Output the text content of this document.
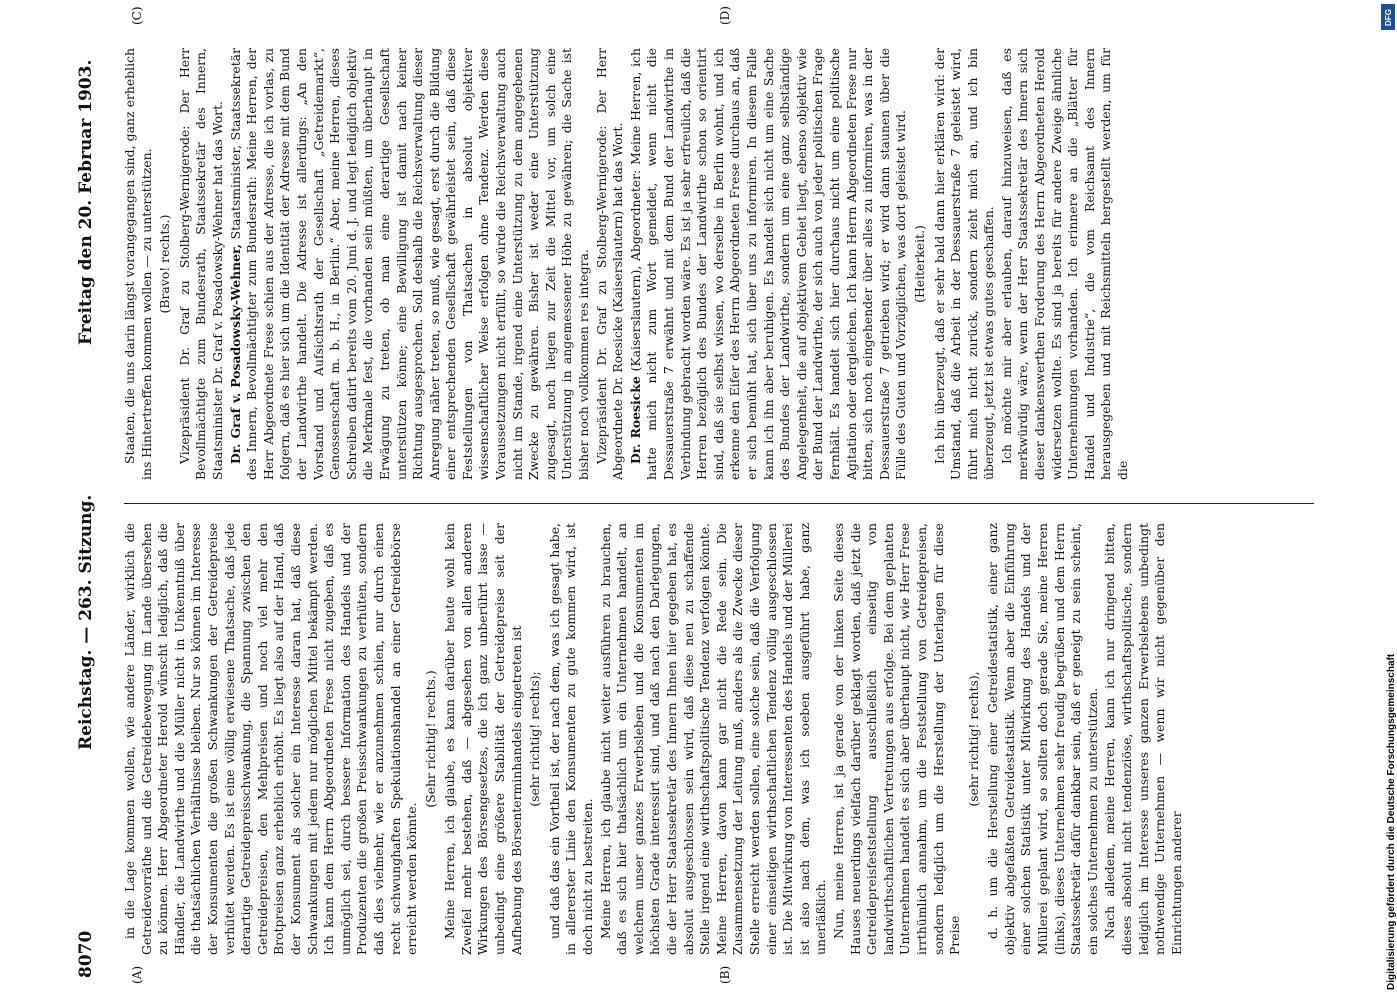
8070
Reichstag. — 263. Sitzung.
Freitag den 20. Februar 1903.
(A)	(B)
(C)	(D)

in die Lage kommen wollen, wie andere Länder, wirklich die Getreidevorräthe und die Getreidebewegung im Lande übersehen zu können. Herr Abgeordneter Herold wünscht lediglich, daß die Händler, die Landwirthe und die Müller nicht in Unkenntniß über die thatsächlichen Verhältnisse bleiben. Nur so können im Interesse der Konsumenten die großen Schwankungen der Getreidepreise verhütet werden. Es ist eine völlig erwiesene Thatsache, daß jede derartige Getreidepreisschwankung, die Spannung zwischen den Getreidepreisen, den Mehlpreisen und noch viel mehr den Brotpreisen ganz erheblich erhöht. Es liegt also auf der Hand, daß der Konsument als solcher ein Interesse daran hat, daß diese Schwankungen mit jedem nur möglichen Mittel bekämpft werden. Ich kann dem Herrn Abgeordneten Frese nicht zugeben, daß es unmöglich sei, durch bessere Information des Handels und der Produzenten die großen Preisschwankungen zu verhüten, sondern daß dies vielmehr, wie er anzunehmen schien, nur durch einen recht schwunghaften Spekulationshandel an einer Getreidebörse erreicht werden könnte.

(Sehr richtig! rechts.) Meine Herren, ich glaube, es kann darüber heute wohl kein Zweifel mehr bestehen, daß — abgesehen von allen anderen Wirkungen des Börsengesetzes, die ich ganz unberührt lasse — unbedingt eine größere Stabilität der Getreidepreise seit der Aufhebung des Börsenterminhandels eingetreten ist (sehr richtig! rechts); und daß das ein Vortheil ist, der nach dem, was ich gesagt habe, in allererster Linie den Konsumenten zu gute kommen wird, ist doch nicht zu bestreiten. Meine Herren, ich glaube nicht weiter ausführen zu brauchen, daß es sich hier thatsächlich um ein Unternehmen handelt, an welchem unser ganzes Erwerbsleben und die Konsumenten im höchsten Grade interessirt sind, und daß nach den Darlegungen, die der Herr Staatssekretär des Innern Ihnen hier gegeben hat, es absolut ausgeschlossen sein wird, daß diese neu zu schaffende Stelle irgend eine wirthschaftspolitische Tendenz verfolgen könnte. Meine Herren, davon kann gar nicht die Rede sein. Die Zusammensetzung der Leitung muß, anders als die Zwecke dieser Stelle erreicht werden sollen, eine solche sein, daß die Verfolgung einer einseitigen wirthschaftlichen Tendenz völlig ausgeschlossen ist. Die Mitwirkung von Interessenten des Handels und der Müllerei ist also nach dem, was ich soeben ausgeführt habe, ganz unerläßlich. Nun, meine Herren, ist ja gerade von der linken Seite dieses Hauses neuerdings vielfach darüber geklagt worden, daß jetzt die Getreidepreisfeststellung ausschließlich einseitig von landwirthschaftlichen Vertretungen aus erfolge. Bei dem geplanten Unternehmen handelt es sich aber überhaupt nicht, wie Herr Frese irrthümlich annahm, um die Feststellung von Getreidepreisen, sondern lediglich um die Herstellung der Unterlagen für diese Preise

(sehr richtig! rechts), d. h. um die Herstellung einer Getreidestatistik, einer ganz objektiv abgefaßten Getreidestatistik. Wenn aber die Einführung einer solchen Statistik unter Mitwirkung des Handels und der Müllerei geplant wird, so sollten doch gerade Sie, meine Herren (links), dieses Unternehmen sehr freudig begrüßen und dem Herrn Staatssekretär dafür dankbar sein, daß er geneigt zu sein scheint, ein solches Unternehmen zu unterstützen. Nach alledem, meine Herren, kann ich nur dringend bitten, dieses absolut nicht tendenziöse, wirthschaftspolitische, sondern lediglich im Interesse unseres ganzen Erwerbslebens unbedingt nothwendige Unternehmen — wenn wir nicht gegenüber den Einrichtungen anderer

Staaten, die uns darin längst vorangegangen sind, ganz erheblich ins Hintertreffen kommen wollen — zu unterstützen. (Bravo! rechts.) Vizepräsident Dr. Graf zu Stolberg-Wernigerode: Der Herr Bevollmächtigte zum Bundesrath, Staatssekretär des Innern, Staatsminister Dr. Graf v. Posadowsky-Wehner hat das Wort. Dr. Graf v. Posadowsky-Wehner, Staatsminister, Staatssekretär des Innern, Bevollmächtigter zum Bundesrath: Meine Herren, der Herr Abgeordnete Frese schien aus der Adresse, die ich vorlas, zu folgern, daß es hier sich um die Identität der Adresse mit dem Bund der Landwirthe handelt. Die Adresse ist allerdings: „An den Vorstand und Aufsichtsrath der Gesellschaft „Getreidemarkt“, Genossenschaft m. b. H., in Berlin.“ Aber, meine Herren, dieses Schreiben datirt bereits vom 20. Juni d. J. und legt lediglich objektiv die Merkmale fest, die vorhanden sein müßten, um überhaupt in Erwägung zu treten, ob man eine derartige Gesellschaft unterstützen könne; eine Bewilligung ist damit nach keiner Richtung ausgesprochen. Soll deshalb die Reichsverwaltung dieser Anregung näher treten, so muß, wie gesagt, erst durch die Bildung einer entsprechenden Gesellschaft gewährleistet sein, daß diese Feststellungen von Thatsachen in absolut objektiver wissenschaftlicher Weise erfolgen ohne Tendenz. Werden diese Voraussetzungen nicht erfüllt, so würde die Reichsverwaltung auch nicht im Stande, irgend eine Unterstützung zu dem angegebenen Zwecke zu gewähren. Bisher ist weder eine Unterstützung zugesagt, noch liegen zur Zeit die Mittel vor, um solch eine Unterstützung in angemessener Höhe zu gewähren; die Sache ist bisher noch vollkommen res integra. Vizepräsident Dr. Graf zu Stolberg-Wernigerode: Der Herr Abgeordnete Dr. Roesicke (Kaiserslautern) hat das Wort. Dr. Roesicke (Kaiserslautern), Abgeordneter: Meine Herren, ich hatte mich nicht zum Wort gemeldet, wenn nicht die Dessauerstraße 7 erwähnt und mit dem Bund der Landwirthe in Verbindung gebracht worden wäre. Es ist ja sehr erfreulich, daß die Herren bezüglich des Bundes der Landwirthe schon so orientirt sind, daß sie selbst wissen, wo derselbe in Berlin wohnt, und ich erkenne den Eifer des Herrn Abgeordneten Frese durchaus an, daß er sich bemüht hat, sich über uns zu informiren. In diesem Falle kann ich ihn aber beruhigen. Es handelt sich nicht um eine Sache des Bundes der Landwirthe, sondern um eine ganz selbständige Angelegenheit, die auf objektivem Gebiet liegt, ebenso objektiv wie der Bund der Landwirthe, der sich auch von jeder politischen Frage fernhält. Es handelt sich hier durchaus nicht um eine politische Agitation oder dergleichen. Ich kann Herrn Abgeordneten Frese nur bitten, sich noch eingehender über alles zu informiren, was in der Dessauerstraße 7 getrieben wird; er wird dann staunen über die Fülle des Guten und Vorzüglichen, was dort geleistet wird. (Heiterkeit.) Ich bin überzeugt, daß er sehr bald dann hier erklären wird: der Umstand, daß die Arbeit in der Dessauerstraße 7 geleistet wird, führt mich nicht zurück, sondern zieht mich an, und ich bin überzeugt, jetzt ist etwas gutes geschaffen. Ich möchte mir aber erlauben, darauf hinzuweisen, daß es merkwürdig wäre, wenn der Herr Staatssekretär des Innern sich dieser dankenswerthen Forderung des Herrn Abgeordneten Herold widersetzen wollte. Es sind ja bereits für andere Zweige ähnliche Unternehmungen vorhanden. Ich erinnere an die „Blätter für Handel und Industrie“, die vom Reichsamt des Innern herausgegeben und mit Reichsmitteln hergestellt werden, um für die

DFG
Digitalisierung gefördert durch die Deutsche Forschungsgemeinschaft
